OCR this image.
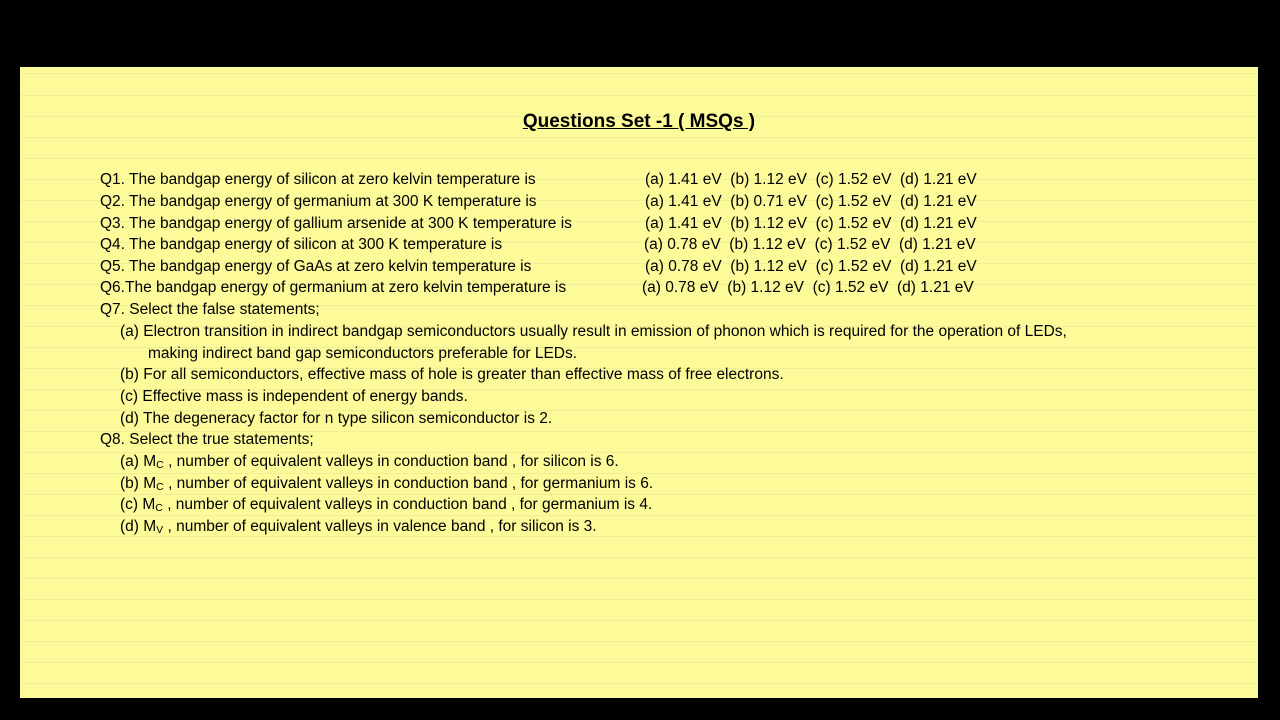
Questions Set -1 ( MSQs )
Q1. The bandgap energy of silicon at zero kelvin temperature is	(a) 1.41 eV  (b) 1.12 eV  (c) 1.52 eV  (d) 1.21 eV
Q2. The bandgap energy of germanium at 300 K temperature is	(a) 1.41 eV  (b) 0.71 eV  (c) 1.52 eV  (d) 1.21 eV
Q3. The bandgap energy of gallium arsenide at 300 K temperature is	(a) 1.41 eV  (b) 1.12 eV  (c) 1.52 eV  (d) 1.21 eV
Q4. The bandgap energy of silicon at 300 K temperature is	(a) 0.78 eV  (b) 1.12 eV  (c) 1.52 eV  (d) 1.21 eV
Q5. The bandgap energy of GaAs at zero kelvin temperature is	(a) 0.78 eV  (b) 1.12 eV  (c) 1.52 eV  (d) 1.21 eV
Q6.The bandgap energy of germanium at zero kelvin temperature is	(a) 0.78 eV  (b) 1.12 eV  (c) 1.52 eV  (d) 1.21 eV
Q7. Select the false statements;
(a) Electron transition in indirect bandgap semiconductors usually result in emission of phonon which is required for the operation of LEDs,
making indirect band gap semiconductors preferable for LEDs.
(b) For all semiconductors, effective mass of hole is greater than effective mass of free electrons.
(c) Effective mass is independent of energy bands.
(d) The degeneracy factor for n type silicon semiconductor is 2.
Q8. Select the true statements;
(a) $M_C$ , number of equivalent valleys in conduction band , for silicon is 6.
(b) $M_C$ , number of equivalent valleys in conduction band , for germanium is 6.
(c) $M_C$ , number of equivalent valleys in conduction band , for germanium is 4.
(d) $M_V$ , number of equivalent valleys in valence band , for silicon is 3.
